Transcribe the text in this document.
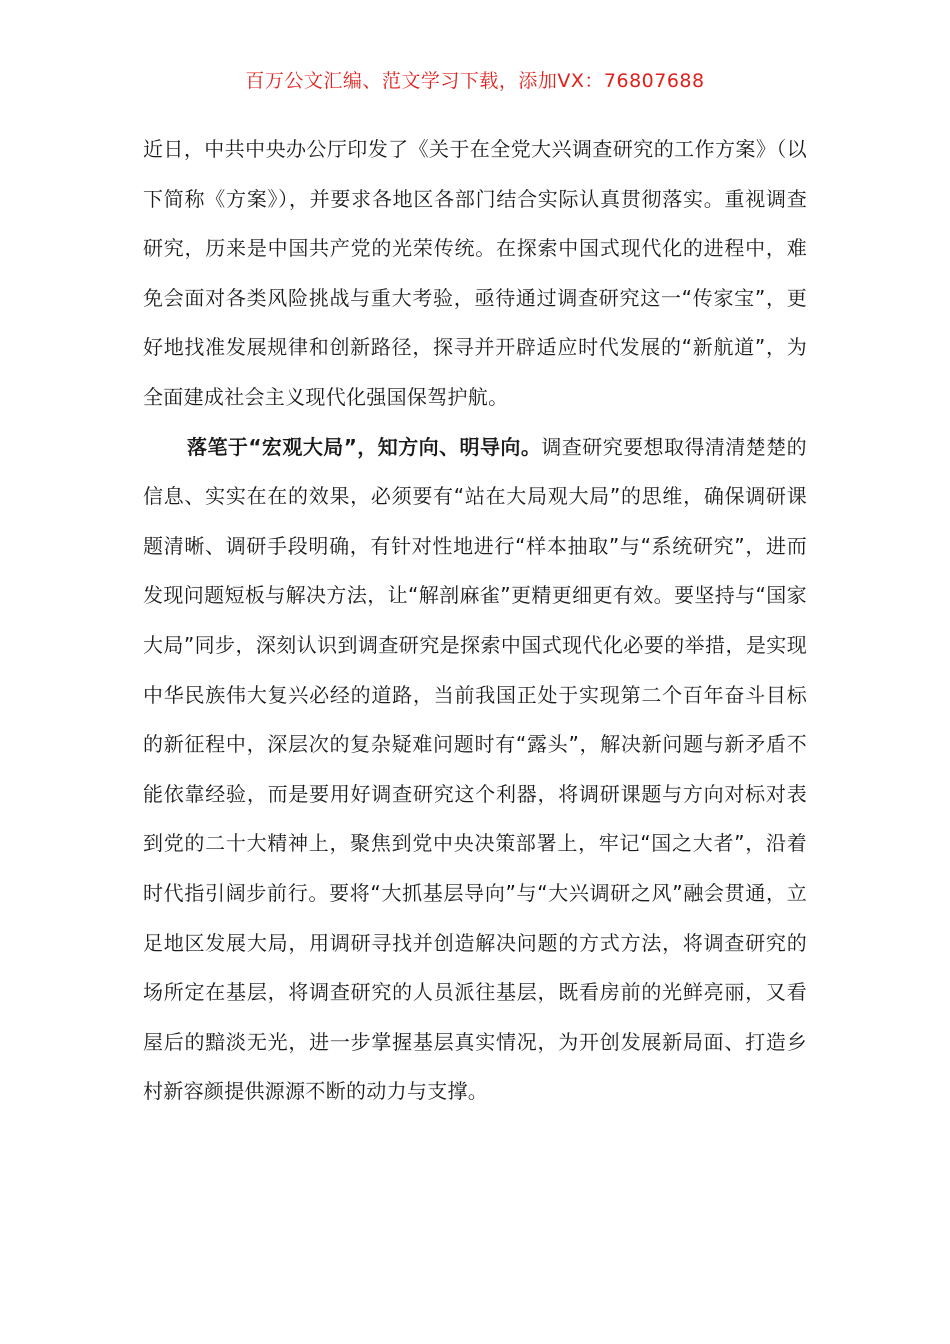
百万公文汇编、范文学习下载，添加VX：76807688

近日，中共中央办公厅印发了《关于在全党大兴调查研究的工作方案》（以下简称《方案》），并要求各地区各部门结合实际认真贯彻落实。重视调查研究，历来是中国共产党的光荣传统。在探索中国式现代化的进程中，难免会面对各类风险挑战与重大考验，亟待通过调查研究这一“传家宝”，更好地找准发展规律和创新路径，探寻并开辟适应时代发展的“新航道”，为全面建成社会主义现代化强国保驾护航。

落笔于“宏观大局”，知方向、明导向。调查研究要想取得清清楚楚的信息、实实在在的效果，必须要有“站在大局观大局”的思维，确保调研课题清晰、调研手段明确，有针对性地进行“样本抽取”与“系统研究”，进而发现问题短板与解决方法，让“解剖麻雀”更精更细更有效。要坚持与“国家大局”同步，深刻认识到调查研究是探索中国式现代化必要的举措，是实现中华民族伟大复兴必经的道路，当前我国正处于实现第二个百年奋斗目标的新征程中，深层次的复杂疑难问题时有“露头”，解决新问题与新矛盾不能依靠经验，而是要用好调查研究这个利器，将调研课题与方向对标对表到党的二十大精神上，聚焦到党中央决策部署上，牢记“国之大者”，沿着时代指引阔步前行。要将“大抓基层导向”与“大兴调研之风”融会贯通，立足地区发展大局，用调研寻找并创造解决问题的方式方法，将调查研究的场所定在基层，将调查研究的人员派往基层，既看房前的光鲜亮丽，又看屋后的黯淡无光，进一步掌握基层真实情况，为开创发展新局面、打造乡村新容颜提供源源不断的动力与支撑。
